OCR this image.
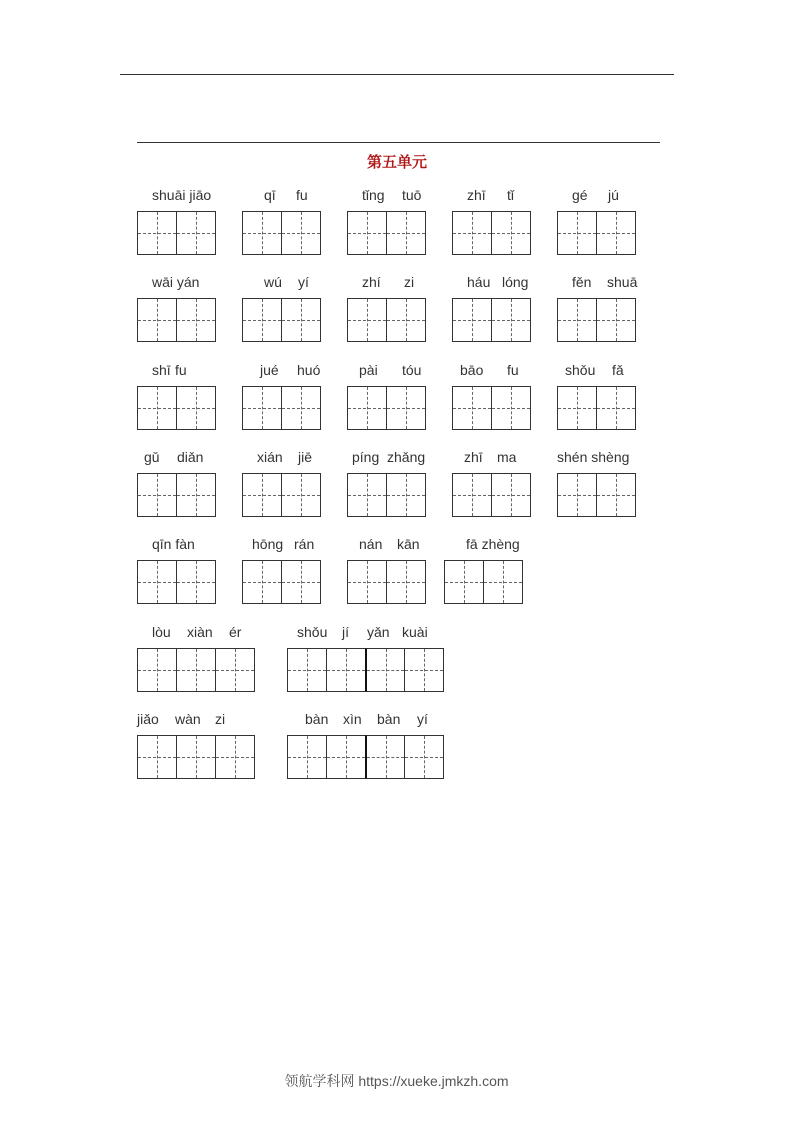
第五单元
shuāi jiāo	qī fu	tǐng tuō	zhī tǐ	gé jú
wāi yán	wú yí	zhí zi	háu lóng	fěn shuā
shī fu	jué huó	pài tóu	bāo fu	shǒu fǎ
gǔ diǎn	xián jiē	píng zhǎng	zhī ma	shén shèng
qīn fàn	hōng rán	nán kān	fā zhèng
lòu xiàn ér	shǒu jí yǎn kuài
jiǎo wàn zi	bàn xìn bàn yí
领航学科网 https://xueke.jmkzh.com
